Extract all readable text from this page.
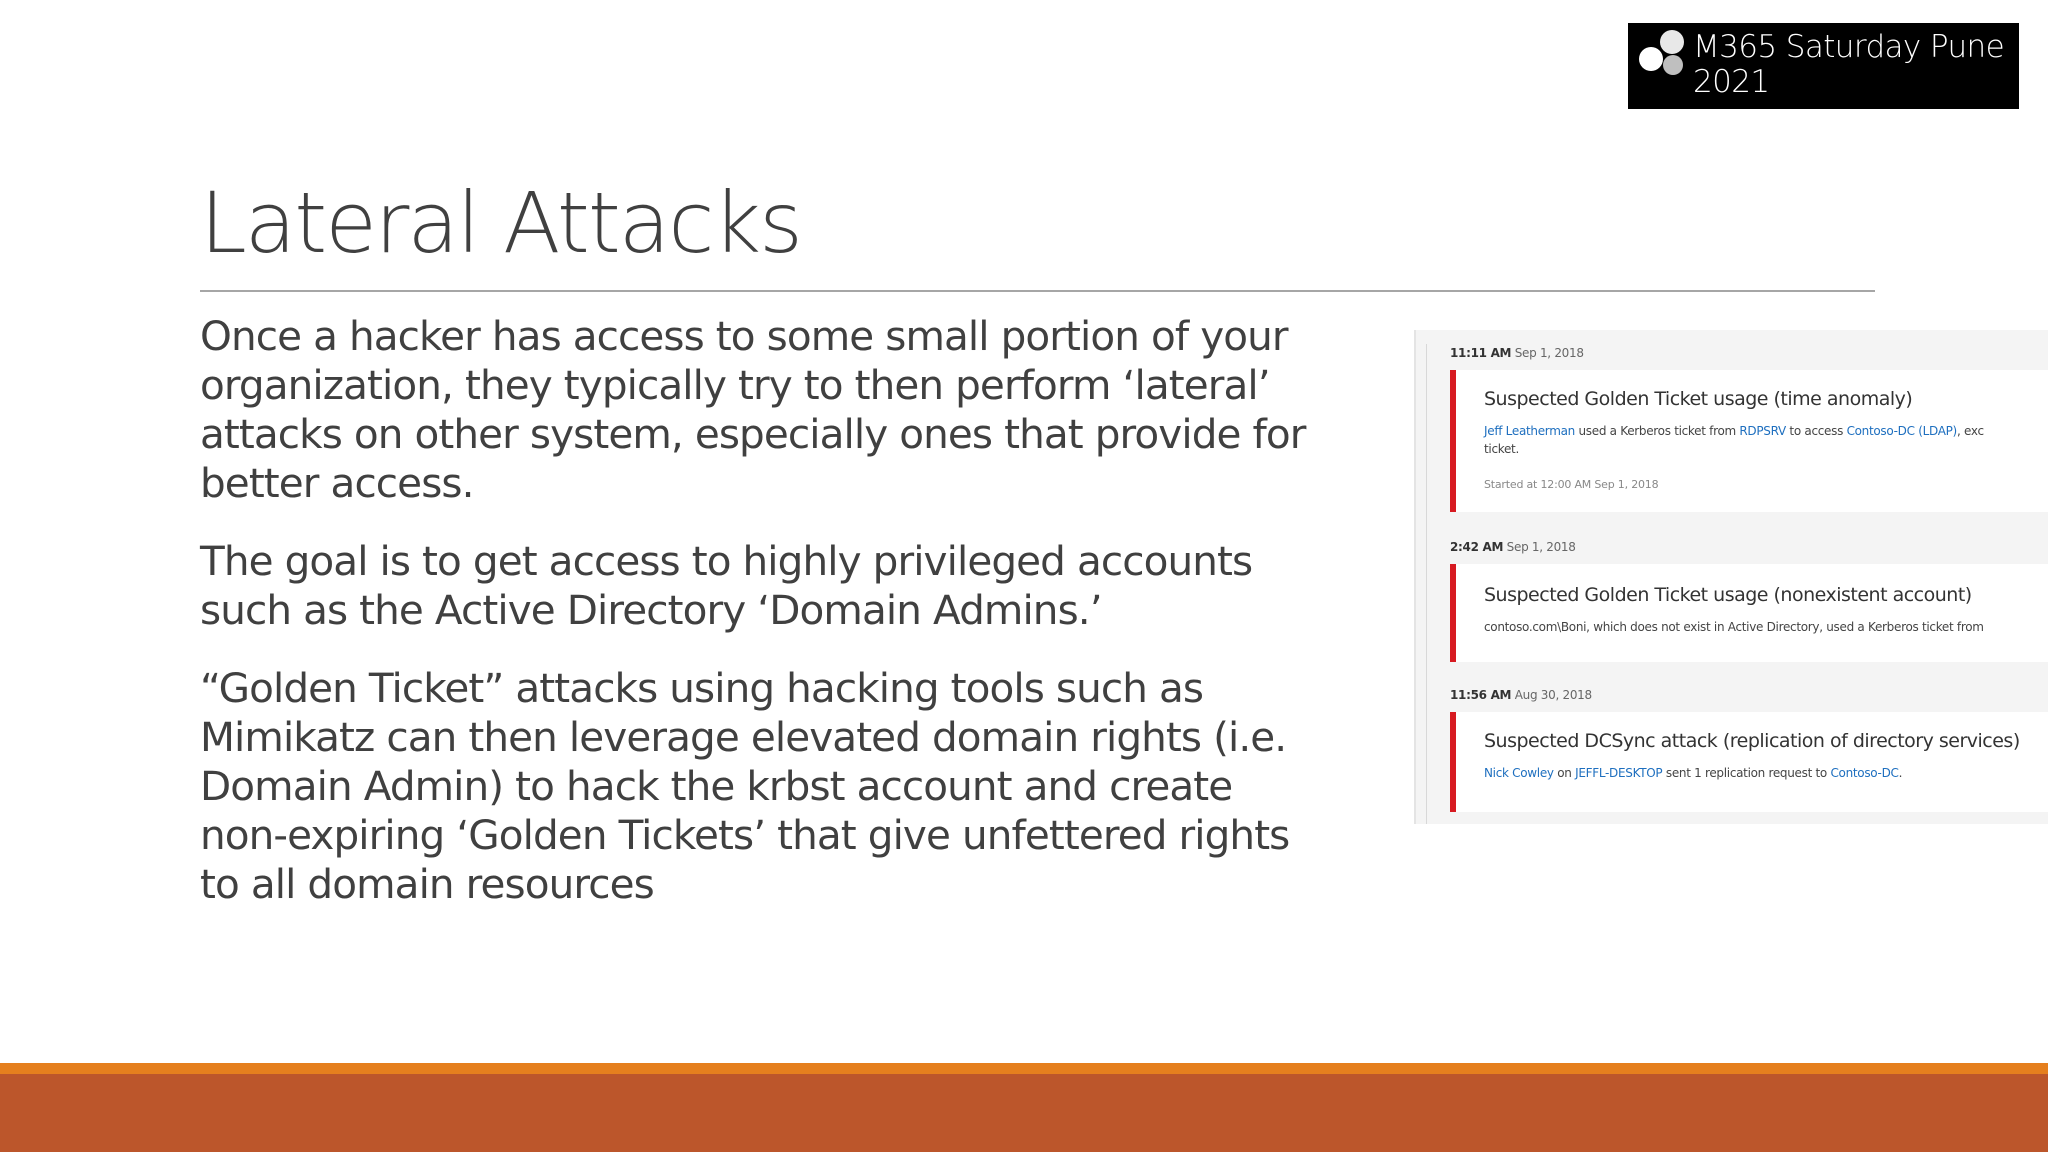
M365 Saturday Pune
2021
Lateral Attacks

Once a hacker has access to some small portion of your organization, they typically try to then perform ‘lateral’ attacks on other system, especially ones that provide for better access.

The goal is to get access to highly privileged accounts such as the Active Directory ‘Domain Admins.’

“Golden Ticket” attacks using hacking tools such as Mimikatz can then leverage elevated domain rights (i.e. Domain Admin) to hack the krbst account and create non-expiring ‘Golden Tickets’ that give unfettered rights to all domain resources

11:11 AM Sep 1, 2018
Suspected Golden Ticket usage (time anomaly)
Jeff Leatherman used a Kerberos ticket from RDPSRV to access Contoso-DC (LDAP), exc
ticket.
Started at 12:00 AM Sep 1, 2018
2:42 AM Sep 1, 2018
Suspected Golden Ticket usage (nonexistent account)
contoso.com\Boni, which does not exist in Active Directory, used a Kerberos ticket from
11:56 AM Aug 30, 2018
Suspected DCSync attack (replication of directory services)
Nick Cowley on JEFFL-DESKTOP sent 1 replication request to Contoso-DC.
